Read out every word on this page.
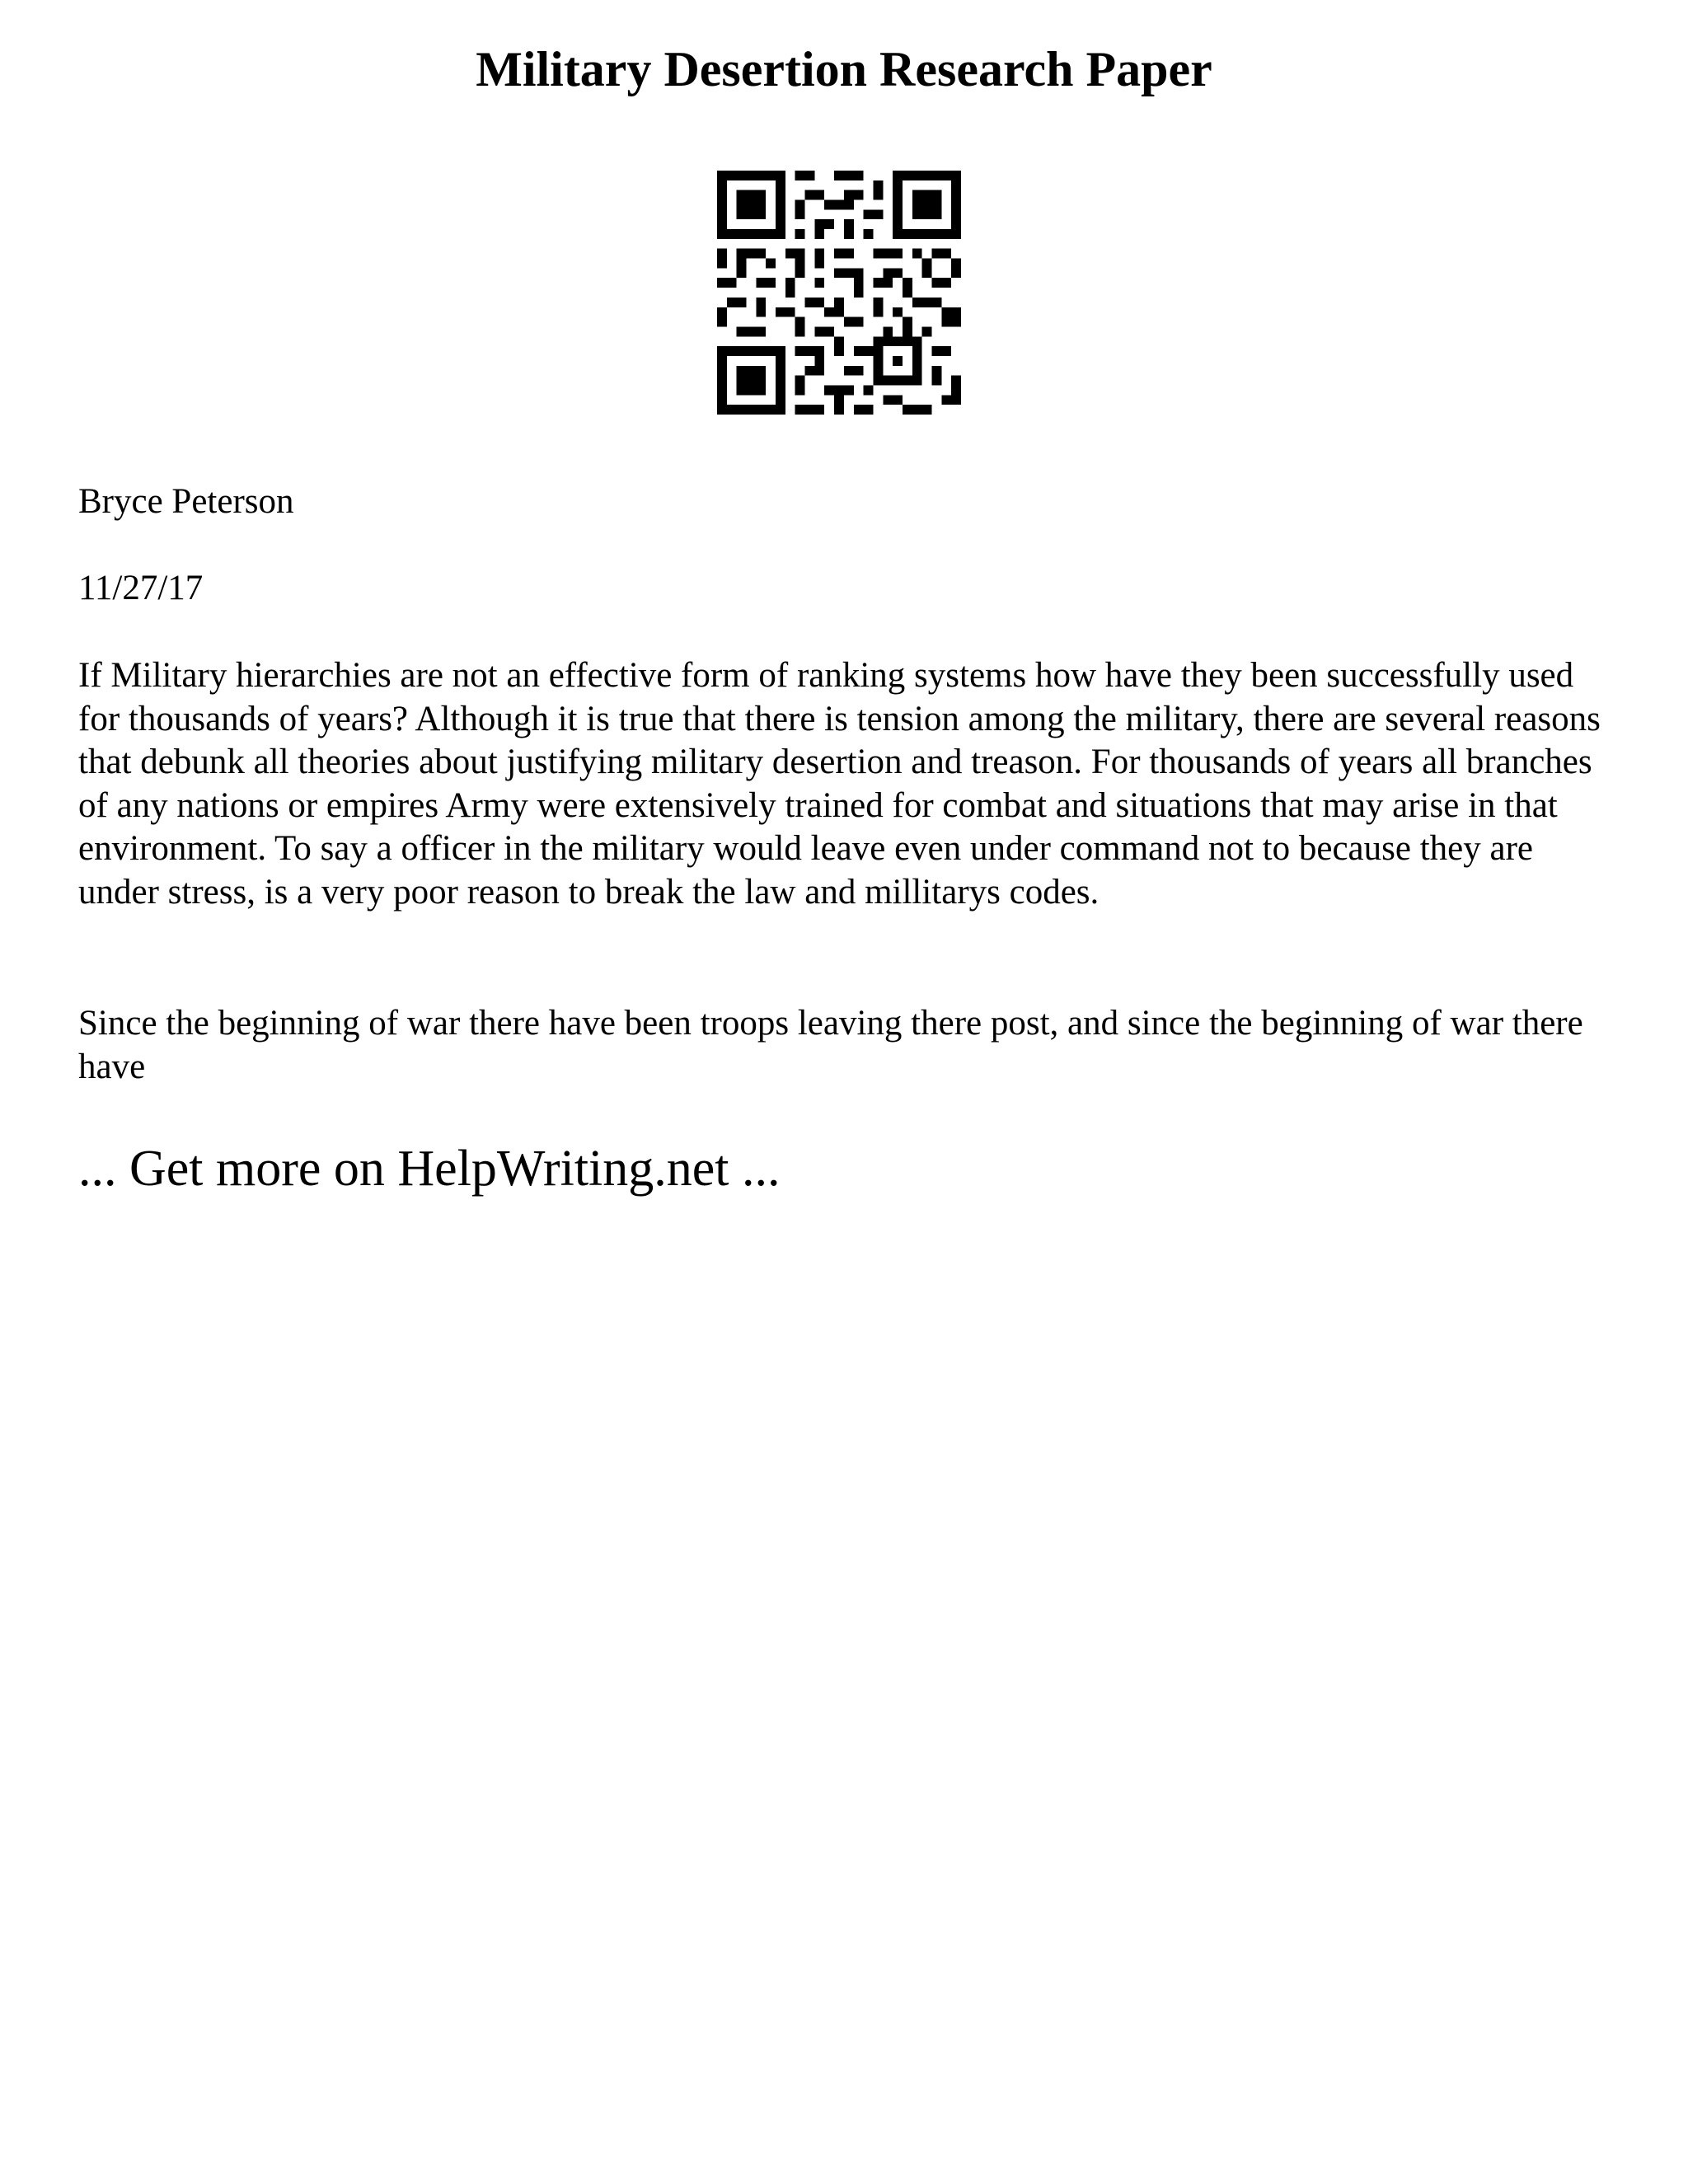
Military Desertion Research Paper
Bryce Peterson
11/27/17
If Military hierarchies are not an effective form of ranking systems how have they been successfully used for thousands of years? Although it is true that there is tension among the military, there are several reasons that debunk all theories about justifying military desertion and treason. For thousands of years all branches of any nations or empires Army were extensively trained for combat and situations that may arise in that environment. To say a officer in the military would leave even under command not to because they are under stress, is a very poor reason to break the law and millitarys codes.
Since the beginning of war there have been troops leaving there post, and since the beginning of war there have
... Get more on HelpWriting.net ...
